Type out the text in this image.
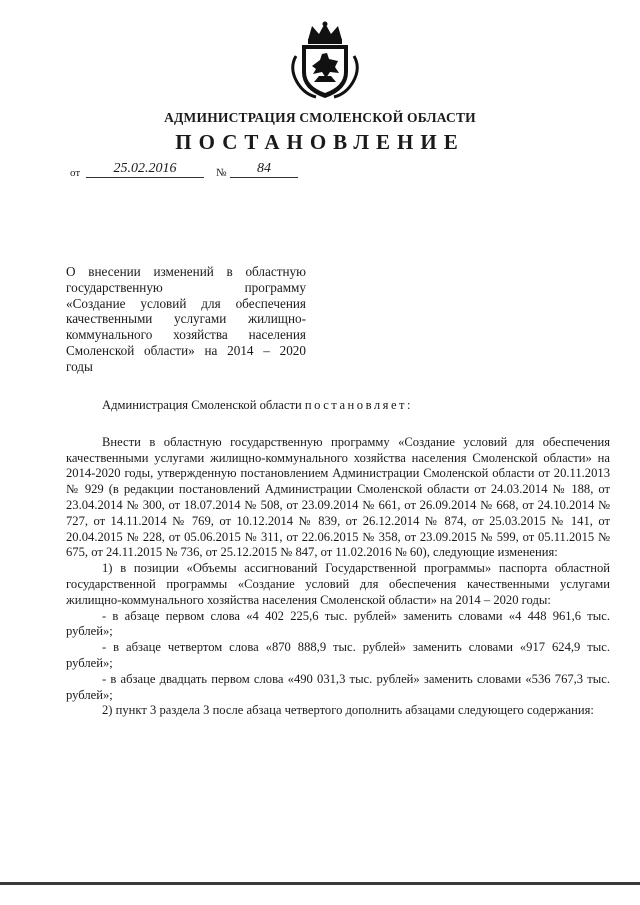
АДМИНИСТРАЦИЯ СМОЛЕНСКОЙ ОБЛАСТИ
ПОСТАНОВЛЕНИЕ
от	25.02.2016	№	84
О внесении изменений в областную
государственную программу
«Создание условий для обеспечения
качественными услугами жилищно-
коммунального хозяйства населения
Смоленской области» на 2014 – 2020
годы

Администрация Смоленской области постановляет:

Внести в областную государственную программу «Создание условий для обеспечения качественными услугами жилищно-коммунального хозяйства населения Смоленской области» на 2014-2020 годы, утвержденную постановлением Администрации Смоленской области от 20.11.2013 № 929 (в редакции постановлений Администрации Смоленской области от 24.03.2014 № 188, от 23.04.2014 № 300, от 18.07.2014 № 508, от 23.09.2014 № 661, от 26.09.2014 № 668, от 24.10.2014 № 727, от 14.11.2014 № 769, от 10.12.2014 № 839, от 26.12.2014 № 874, от 25.03.2015 № 141, от 20.04.2015 № 228, от 05.06.2015 № 311, от 22.06.2015 № 358, от 23.09.2015 № 599, от 05.11.2015 № 675, от 24.11.2015 № 736, от 25.12.2015 № 847, от 11.02.2016 № 60), следующие изменения:

1) в позиции «Объемы ассигнований Государственной программы» паспорта областной государственной программы «Создание условий для обеспечения качественными услугами жилищно-коммунального хозяйства населения Смоленской области» на 2014 – 2020 годы:

- в абзаце первом слова «4 402 225,6 тыс. рублей» заменить словами «4 448 961,6 тыс. рублей»;

- в абзаце четвертом слова «870 888,9 тыс. рублей» заменить словами «917 624,9 тыс. рублей»;

- в абзаце двадцать первом слова «490 031,3 тыс. рублей» заменить словами «536 767,3 тыс. рублей»;

2) пункт 3 раздела 3 после абзаца четвертого дополнить абзацами следующего содержания:
